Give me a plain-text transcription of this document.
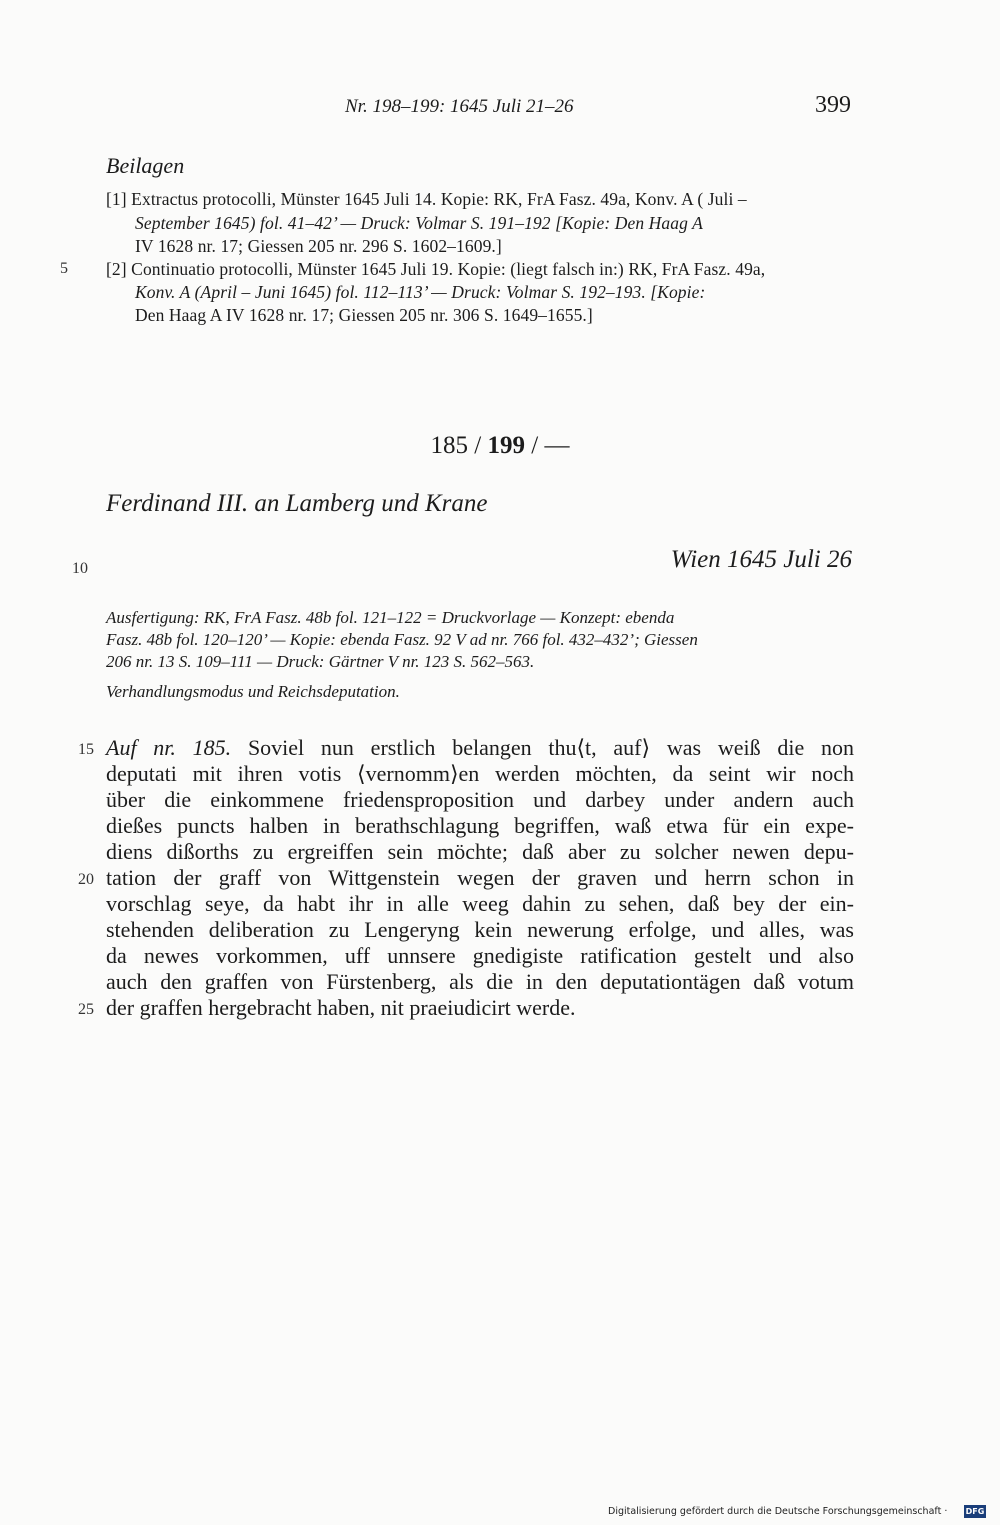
Nr. 198–199: 1645 Juli 21–26	399
Beilagen
[1] Extractus protocolli, Münster 1645 Juli 14. Kopie: RK, FrA Fasz. 49a, Konv. A ( Juli –
September 1645) fol. 41–42’ — Druck: Volmar S. 191–192 [Kopie: Den Haag A
IV 1628 nr. 17; Giessen 205 nr. 296 S. 1602–1609.]
5 [2] Continuatio protocolli, Münster 1645 Juli 19. Kopie: (liegt falsch in:) RK, FrA Fasz. 49a,
Konv. A (April – Juni 1645) fol. 112–113’ — Druck: Volmar S. 192–193. [Kopie:
Den Haag A IV 1628 nr. 17; Giessen 205 nr. 306 S. 1649–1655.]
185 / 199 / —
Ferdinand III. an Lamberg und Krane
10	Wien 1645 Juli 26
Ausfertigung: RK, FrA Fasz. 48b fol. 121–122 = Druckvorlage — Konzept: ebenda
Fasz. 48b fol. 120–120’ — Kopie: ebenda Fasz. 92 V ad nr. 766 fol. 432–432’; Giessen
206 nr. 13 S. 109–111 — Druck: Gärtner V nr. 123 S. 562–563.
Verhandlungsmodus und Reichsdeputation.
15 Auf nr. 185. Soviel nun erstlich belangen thu⟨t, auf⟩ was weiß die non
deputati mit ihren votis ⟨vernomm⟩en werden möchten, da seint wir noch
über die einkommene friedensproposition und darbey under andern auch
dießes puncts halben in berathschlagung begriffen, waß etwa für ein expe-
diens dißorths zu ergreiffen sein möchte; daß aber zu solcher newen depu-
20 tation der graff von Wittgenstein wegen der graven und herrn schon in
vorschlag seye, da habt ihr in alle weeg dahin zu sehen, daß bey der ein-
stehenden deliberation zu Lengeryng kein newerung erfolge, und alles, was
da newes vorkommen, uff unnsere gnedigiste ratification gestelt und also
auch den graffen von Fürstenberg, als die in den deputationtägen daß votum
25 der graffen hergebracht haben, nit praeiudicirt werde.
Digitalisierung gefördert durch die Deutsche Forschungsgemeinschaft · DFG
